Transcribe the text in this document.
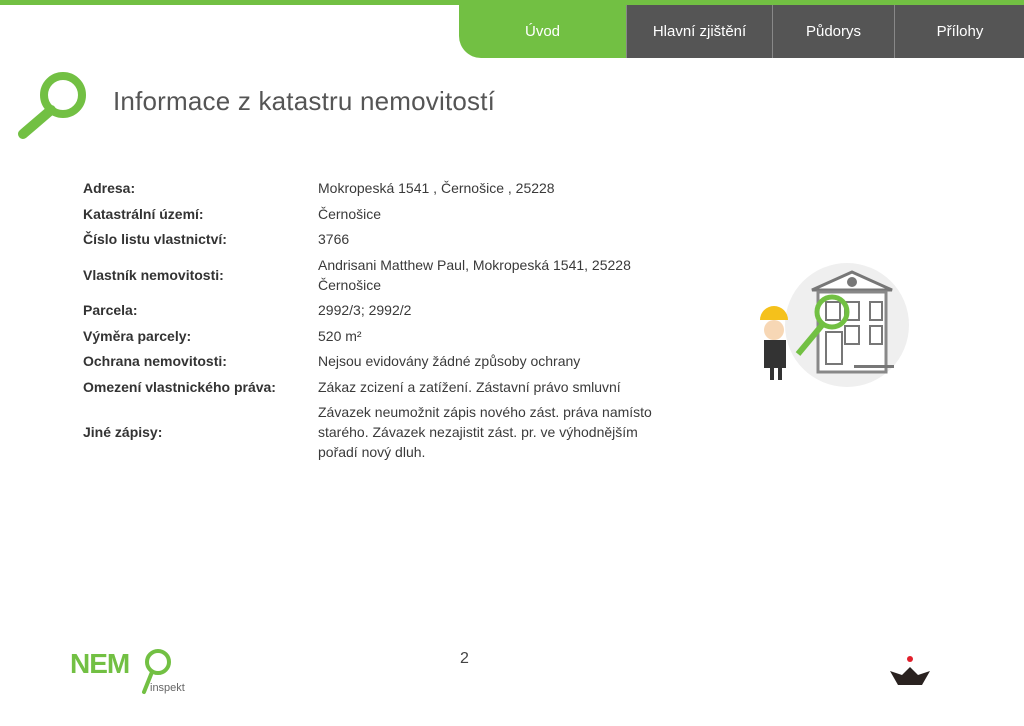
Úvod	Hlavní zjištění	Půdorys	Přílohy
Informace z katastru nemovitostí
Adresa:	Mokropeská 1541 , Černošice , 25228
Katastrální území:	Černošice
Číslo listu vlastnictví:	3766
Vlastník nemovitosti:
Andrisani Matthew Paul, Mokropeská 1541, 25228 Černošice
Parcela:	2992/3; 2992/2
Výměra parcely:	520 m²
Ochrana nemovitosti:	Nejsou evidovány žádné způsoby ochrany
Omezení vlastnického práva:	Zákaz zcizení a zatížení. Zástavní právo smluvní
Jiné zápisy:
Závazek neumožnit zápis nového zást. práva namísto starého. Závazek nezajistit zást. pr. ve výhodnějším pořadí nový dluh.
2
NEM
inspekt
